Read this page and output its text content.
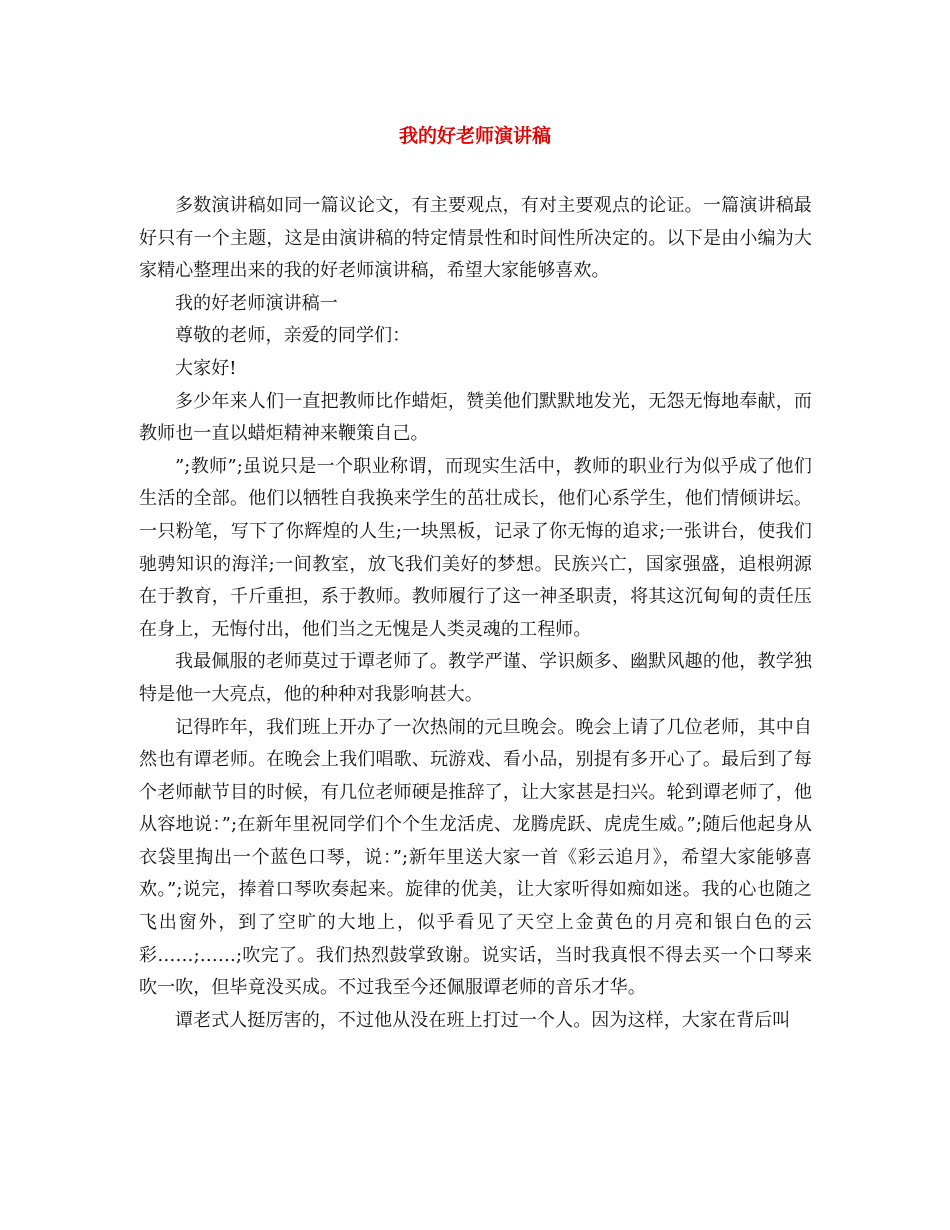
我的好老师演讲稿

多数演讲稿如同一篇议论文，有主要观点，有对主要观点的论证。一篇演讲稿最好只有一个主题，这是由演讲稿的特定情景性和时间性所决定的。以下是由小编为大家精心整理出来的我的好老师演讲稿，希望大家能够喜欢。

我的好老师演讲稿一

尊敬的老师，亲爱的同学们：

大家好!

多少年来人们一直把教师比作蜡炬，赞美他们默默地发光，无怨无悔地奉献，而教师也一直以蜡炬精神来鞭策自己。

”;教师”;虽说只是一个职业称谓，而现实生活中，教师的职业行为似乎成了他们生活的全部。他们以牺牲自我换来学生的茁壮成长，他们心系学生，他们情倾讲坛。一只粉笔，写下了你辉煌的人生;一块黑板，记录了你无悔的追求;一张讲台，使我们驰骋知识的海洋;一间教室，放飞我们美好的梦想。民族兴亡，国家强盛，追根朔源在于教育，千斤重担，系于教师。教师履行了这一神圣职责，将其这沉甸甸的责任压在身上，无悔付出，他们当之无愧是人类灵魂的工程师。

我最佩服的老师莫过于谭老师了。教学严谨、学识颇多、幽默风趣的他，教学独特是他一大亮点，他的种种对我影响甚大。

记得昨年，我们班上开办了一次热闹的元旦晚会。晚会上请了几位老师，其中自然也有谭老师。在晚会上我们唱歌、玩游戏、看小品，别提有多开心了。最后到了每个老师献节目的时候，有几位老师硬是推辞了，让大家甚是扫兴。轮到谭老师了，他从容地说：”;在新年里祝同学们个个生龙活虎、龙腾虎跃、虎虎生威。”;随后他起身从衣袋里掏出一个蓝色口琴，说：”;新年里送大家一首《彩云追月》，希望大家能够喜欢。”;说完，捧着口琴吹奏起来。旋律的优美，让大家听得如痴如迷。我的心也随之飞出窗外，到了空旷的大地上，似乎看见了天空上金黄色的月亮和银白色的云彩……;……;吹完了。我们热烈鼓掌致谢。说实话，当时我真恨不得去买一个口琴来吹一吹，但毕竟没买成。不过我至今还佩服谭老师的音乐才华。

谭老式人挺厉害的，不过他从没在班上打过一个人。因为这样，大家在背后叫
